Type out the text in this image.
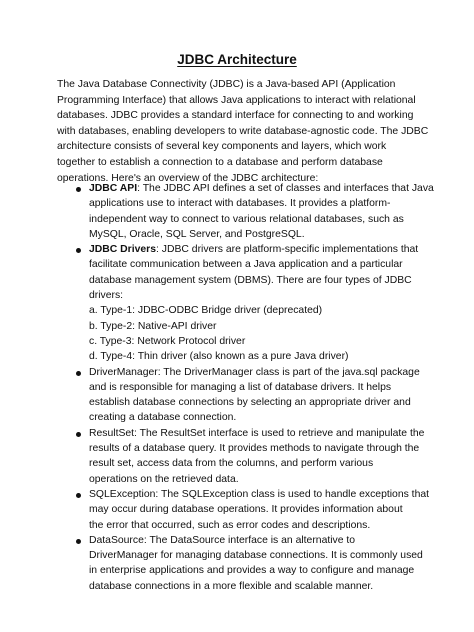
JDBC Architecture
The Java Database Connectivity (JDBC) is a Java-based API (Application
Programming Interface) that allows Java applications to interact with relational
databases. JDBC provides a standard interface for connecting to and working
with databases, enabling developers to write database-agnostic code. The JDBC
architecture consists of several key components and layers, which work
together to establish a connection to a database and perform database
operations. Here's an overview of the JDBC architecture:
JDBC API: The JDBC API defines a set of classes and interfaces that Java
applications use to interact with databases. It provides a platform-
independent way to connect to various relational databases, such as
MySQL, Oracle, SQL Server, and PostgreSQL.
JDBC Drivers: JDBC drivers are platform-specific implementations that
facilitate communication between a Java application and a particular
database management system (DBMS). There are four types of JDBC
drivers:
a. Type-1: JDBC-ODBC Bridge driver (deprecated)
b. Type-2: Native-API driver
c. Type-3: Network Protocol driver
d. Type-4: Thin driver (also known as a pure Java driver)
DriverManager: The DriverManager class is part of the java.sql package
and is responsible for managing a list of database drivers. It helps
establish database connections by selecting an appropriate driver and
creating a database connection.
ResultSet: The ResultSet interface is used to retrieve and manipulate the
results of a database query. It provides methods to navigate through the
result set, access data from the columns, and perform various
operations on the retrieved data.
SQLException: The SQLException class is used to handle exceptions that
may occur during database operations. It provides information about
the error that occurred, such as error codes and descriptions.
DataSource: The DataSource interface is an alternative to
DriverManager for managing database connections. It is commonly used
in enterprise applications and provides a way to configure and manage
database connections in a more flexible and scalable manner.
